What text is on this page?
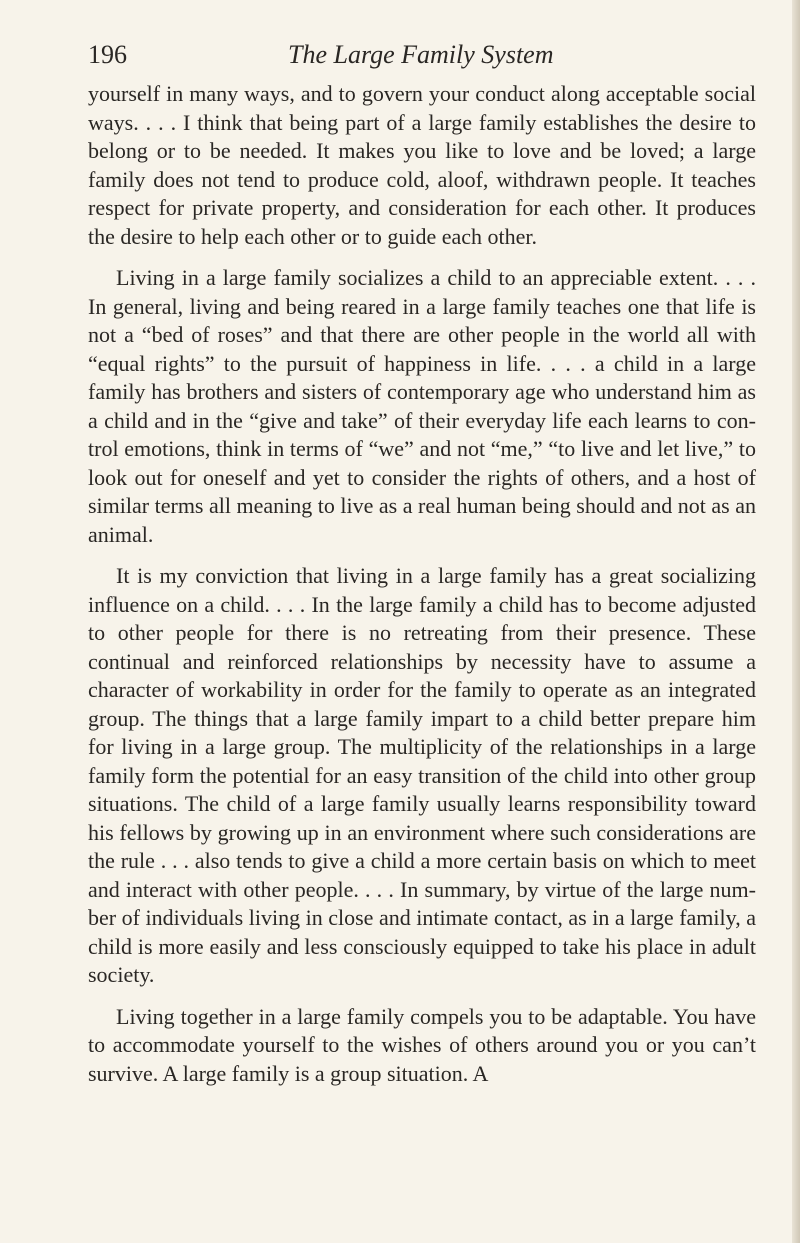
196	The Large Family System

yourself in many ways, and to govern your conduct along acceptable social ways. . . . I think that being part of a large family establishes the desire to belong or to be needed. It makes you like to love and be loved; a large family does not tend to produce cold, aloof, withdrawn people. It teaches respect for private property, and consideration for each other. It produces the desire to help each other or to guide each other.

Living in a large family socializes a child to an appreciable extent. . . . In general, living and being reared in a large family teaches one that life is not a “bed of roses” and that there are other people in the world all with “equal rights” to the pursuit of happiness in life. . . . a child in a large family has brothers and sisters of contemporary age who understand him as a child and in the “give and take” of their everyday life each learns to control emotions, think in terms of “we” and not “me,” “to live and let live,” to look out for oneself and yet to consider the rights of others, and a host of similar terms all meaning to live as a real human being should and not as an animal.

It is my conviction that living in a large family has a great socializing influence on a child. . . . In the large family a child has to become adjusted to other people for there is no retreating from their presence. These continual and reinforced relationships by necessity have to assume a character of workability in order for the family to operate as an integrated group. The things that a large family impart to a child better prepare him for living in a large group. The multiplicity of the relationships in a large family form the potential for an easy transition of the child into other group situations. The child of a large family usually learns responsibility toward his fellows by growing up in an environment where such considerations are the rule . . . also tends to give a child a more certain basis on which to meet and interact with other people. . . . In summary, by virtue of the large number of individuals living in close and intimate contact, as in a large family, a child is more easily and less consciously equipped to take his place in adult society.

Living together in a large family compels you to be adaptable. You have to accommodate yourself to the wishes of others around you or you can’t survive. A large family is a group situation. A
